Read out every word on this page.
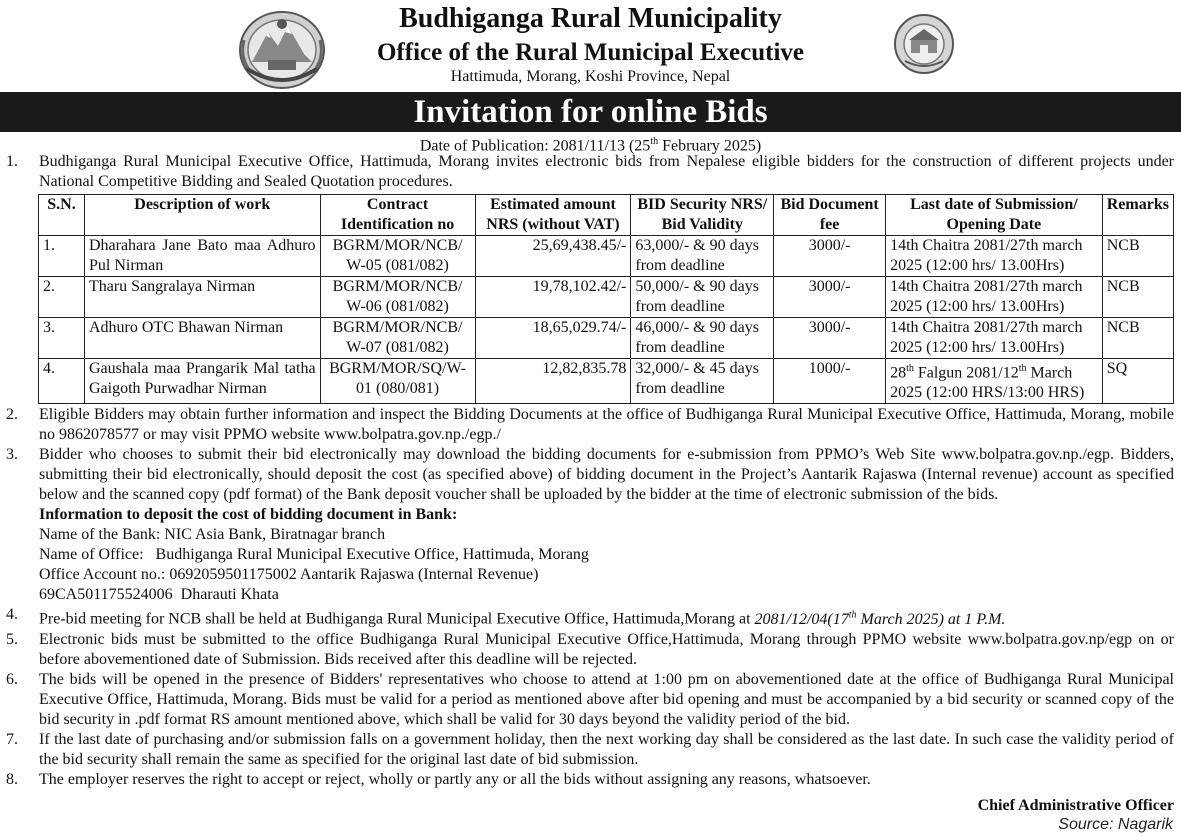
Budhiganga Rural Municipality
Office of the Rural Municipal Executive
Hattimuda, Morang, Koshi Province, Nepal
Invitation for online Bids
Date of Publication: 2081/11/13 (25th February 2025)
1. Budhiganga Rural Municipal Executive Office, Hattimuda, Morang invites electronic bids from Nepalese eligible bidders for the construction of different projects under National Competitive Bidding and Sealed Quotation procedures.
S.N.	Description of work	Contract Identification no	Estimated amount NRS (without VAT)	BID Security NRS/ Bid Validity	Bid Document fee	Last date of Submission/ Opening Date	Remarks
1.	Dharahara Jane Bato maa Adhuro Pul Nirman	BGRM/MOR/NCB/ W-05 (081/082)	25,69,438.45/-	63,000/- & 90 days from deadline	3000/-	14th Chaitra 2081/27th march 2025 (12:00 hrs/ 13.00Hrs)	NCB
2.	Tharu Sangralaya Nirman	BGRM/MOR/NCB/ W-06 (081/082)	19,78,102.42/-	50,000/- & 90 days from deadline	3000/-	14th Chaitra 2081/27th march 2025 (12:00 hrs/ 13.00Hrs)	NCB
3.	Adhuro OTC Bhawan Nirman	BGRM/MOR/NCB/ W-07 (081/082)	18,65,029.74/-	46,000/- & 90 days from deadline	3000/-	14th Chaitra 2081/27th march 2025 (12:00 hrs/ 13.00Hrs)	NCB
4.	Gaushala maa Prangarik Mal tatha Gaigoth Purwadhar Nirman	BGRM/MOR/SQ/W-01 (080/081)	12,82,835.78	32,000/- & 45 days from deadline	1000/-	28th Falgun 2081/12th March 2025 (12:00 HRS/13:00 HRS)	SQ
2. Eligible Bidders may obtain further information and inspect the Bidding Documents at the office of Budhiganga Rural Municipal Executive Office, Hattimuda, Morang, mobile no 9862078577 or may visit PPMO website www.bolpatra.gov.np./egp./
3. Bidder who chooses to submit their bid electronically may download the bidding documents for e-submission from PPMO’s Web Site www.bolpatra.gov.np./egp. Bidders, submitting their bid electronically, should deposit the cost (as specified above) of bidding document in the Project’s Aantarik Rajaswa (Internal revenue) account as specified below and the scanned copy (pdf format) of the Bank deposit voucher shall be uploaded by the bidder at the time of electronic submission of the bids.
Information to deposit the cost of bidding document in Bank:
Name of the Bank: NIC Asia Bank, Biratnagar branch
Name of Office:   Budhiganga Rural Municipal Executive Office, Hattimuda, Morang
Office Account no.: 0692059501175002 Aantarik Rajaswa (Internal Revenue)
69CA501175524006  Dharauti Khata
4. Pre-bid meeting for NCB shall be held at Budhiganga Rural Municipal Executive Office, Hattimuda,Morang at 2081/12/04(17th March 2025) at 1 P.M.
5. Electronic bids must be submitted to the office Budhiganga Rural Municipal Executive Office,Hattimuda, Morang through PPMO website www.bolpatra.gov.np/egp on or before abovementioned date of Submission. Bids received after this deadline will be rejected.
6. The bids will be opened in the presence of Bidders' representatives who choose to attend at 1:00 pm on abovementioned date at the office of Budhiganga Rural Municipal Executive Office, Hattimuda, Morang. Bids must be valid for a period as mentioned above after bid opening and must be accompanied by a bid security or scanned copy of the bid security in .pdf format RS amount mentioned above, which shall be valid for 30 days beyond the validity period of the bid.
7. If the last date of purchasing and/or submission falls on a government holiday, then the next working day shall be considered as the last date. In such case the validity period of the bid security shall remain the same as specified for the original last date of bid submission.
8. The employer reserves the right to accept or reject, wholly or partly any or all the bids without assigning any reasons, whatsoever.
Chief Administrative Officer
Source: Nagarik
